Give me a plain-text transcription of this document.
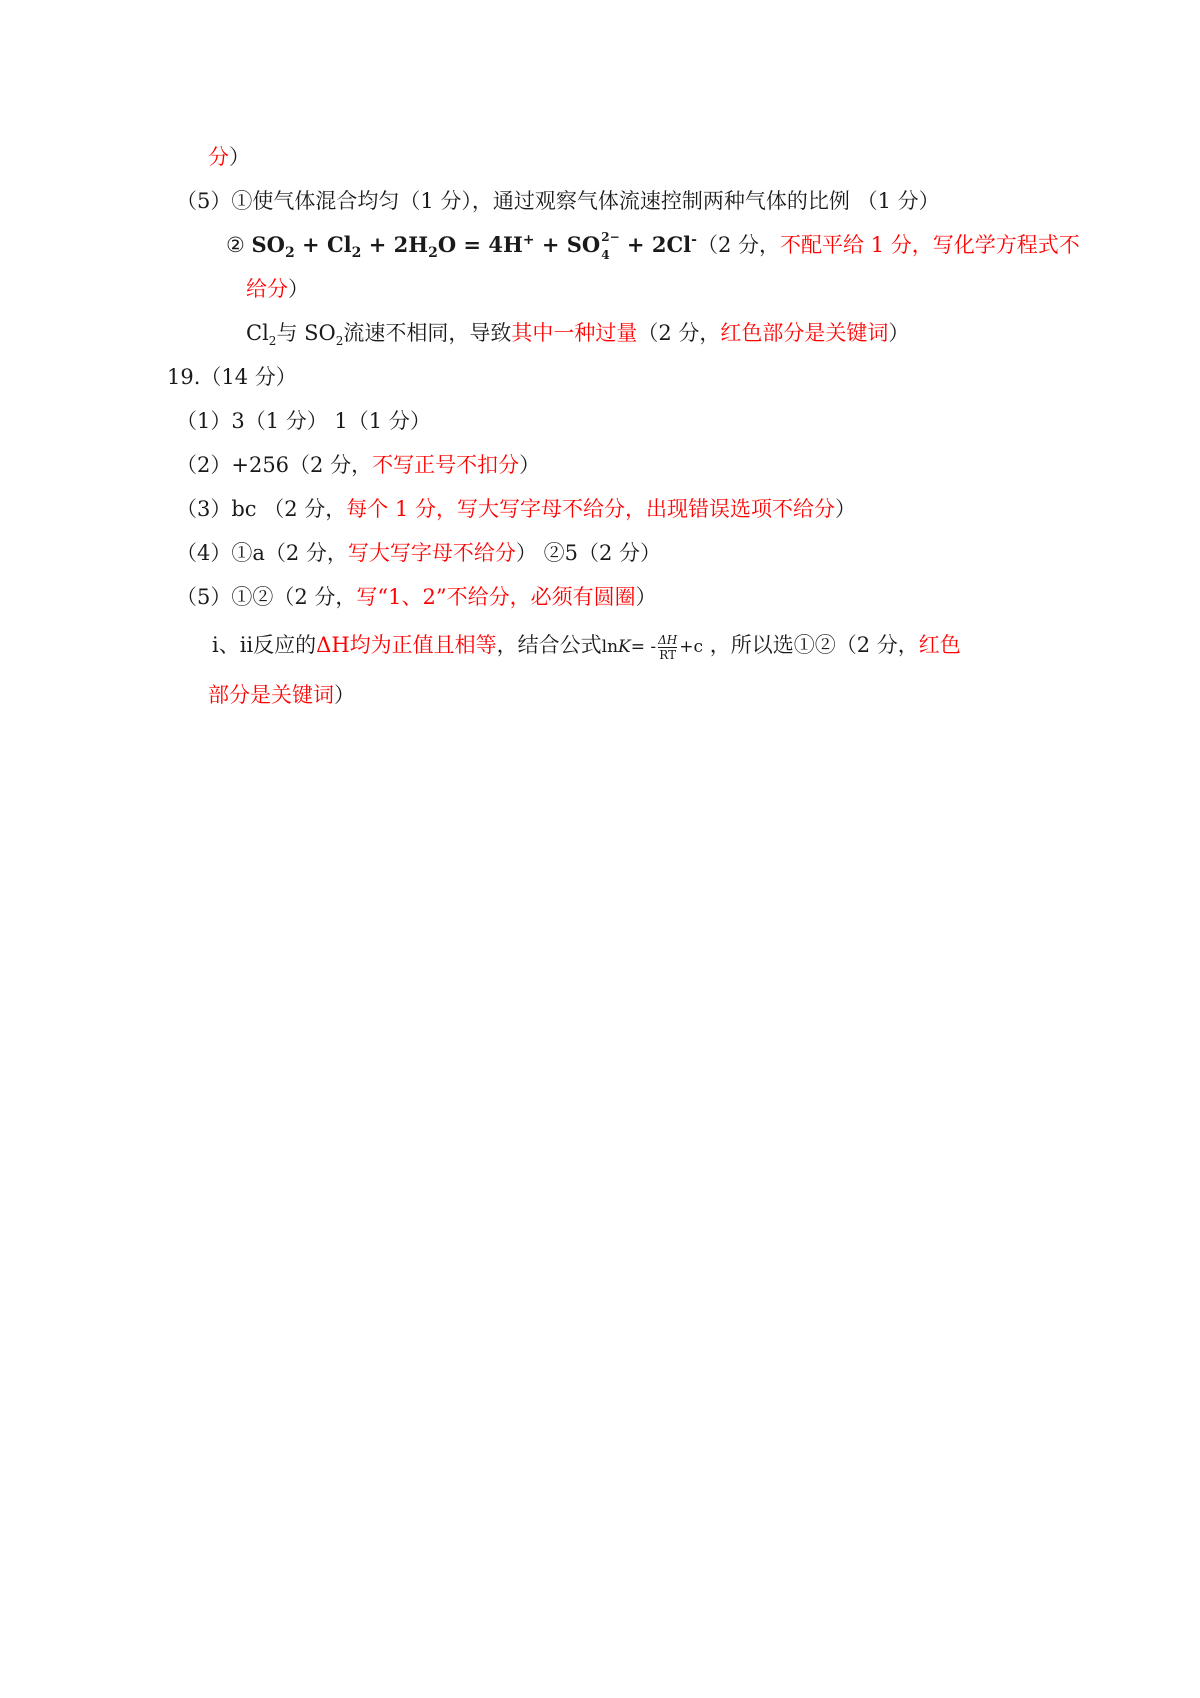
分）
（5）①使气体混合均匀（1 分），通过观察气体流速控制两种气体的比例 （1 分）
② $SO_2 + Cl_2 + 2H_2O = 4H^+$ + SO 2−
4 + 2Cl-（2 分，不配平给 1 分，写化学方程式不
给分）
$Cl_2$与 $SO_2$流速不相同，导致其中一种过量（2 分，红色部分是关键词）
19.（14 分）
（1）3（1 分） 1（1 分）
（2）+256（2 分，不写正号不扣分）
（3）bc （2 分，每个 1 分，写大写字母不给分，出现错误选项不给分）
（4）①a（2 分，写大写字母不给分） ②5（2 分）
（5）①②（2 分，写“1、2”不给分，必须有圆圈）
ⅰ、ⅱ反应的ΔH均为正值且相等，结合公式$\ln K= - \frac{\Delta H}{RT} +c$ ，所以选①②（2 分，红色
部分是关键词）
